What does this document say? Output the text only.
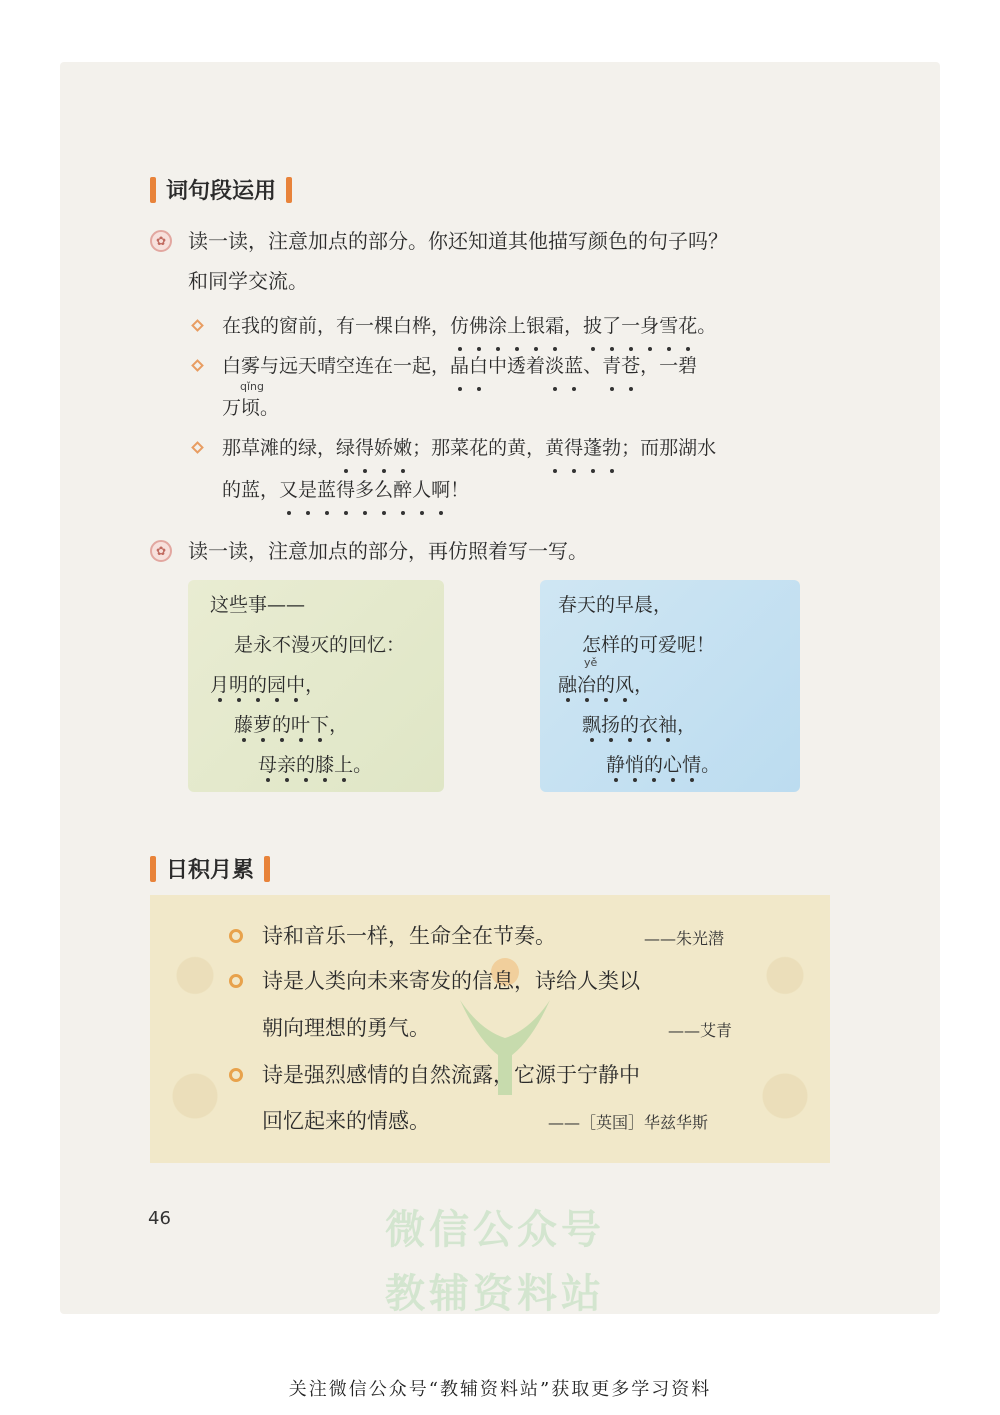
词句段运用
✿ 读一读，注意加点的部分。你还知道其他描写颜色的句子吗？
和同学交流。
在我的窗前，有一棵白桦，仿佛涂上银霜，披了一身雪花。
白雾与远天晴空连在一起，晶白中透着淡蓝、青苍，一碧
qǐng
万顷。
那草滩的绿，绿得娇嫩；那菜花的黄，黄得蓬勃；而那湖水
的蓝，又是蓝得多么醉人啊！
✿ 读一读，注意加点的部分，再仿照着写一写。
这些事——
是永不漫灭的回忆：
月明的园中，
藤萝的叶下，
母亲的膝上。
春天的早晨，
怎样的可爱呢！
yě
融冶的风，
飘扬的衣袖，
静悄的心情。
日积月累
诗和音乐一样，生命全在节奏。	——朱光潜
诗是人类向未来寄发的信息，诗给人类以
朝向理想的勇气。	——艾青
诗是强烈感情的自然流露，它源于宁静中
回忆起来的情感。	——［英国］华兹华斯
46	微信公众号
教辅资料站
关注微信公众号“教辅资料站”获取更多学习资料
